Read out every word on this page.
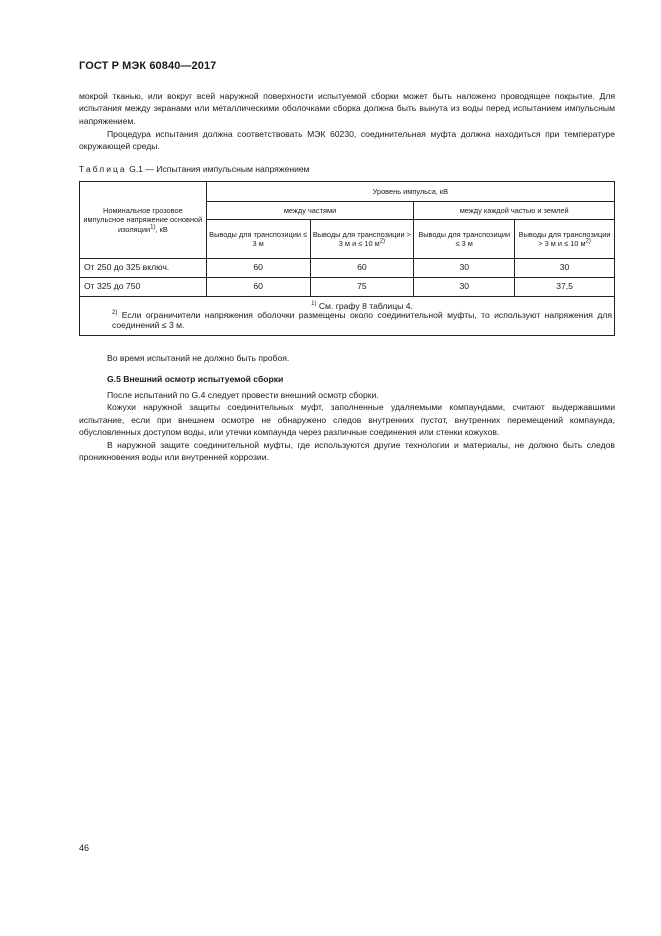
ГОСТ Р МЭК 60840—2017

мокрой тканью, или вокруг всей наружной поверхности испытуемой сборки может быть наложено проводящее покрытие. Для испытания между экранами или металлическими оболочками сборка должна быть вынута из воды перед испытанием импульсным напряжением.

Процедура испытания должна соответствовать МЭК 60230, соединительная муфта должна находиться при температуре окружающей среды.

Таблица G.1 — Испытания импульсным напряжением
Номинальное грозовое импульсное напряжение основной изоляции$^{1)}$, кВ	Уровень импульса, кВ			
	между частями		между каждой частью и землей	
	Выводы для транспозиции ≤ 3 м	Выводы для транспозиции > 3 м и ≤ 10 $м^{2)}$	Выводы для транспозиции ≤ 3 м	Выводы для транспозиции > 3 м и ≤ 10 $м^{2)}$
От 250 до 325 включ.	60	60	30	30
От 325 до 750	60	75	30	37,5

$^{1)}$ См. графу 8 таблицы 4.
$^{2)}$ Если ограничители напряжения оболочки размещены около соединительной муфты, то используют напряжения для соединений ≤ 3 м.				

Во время испытаний не должно быть пробоя.

G.5 Внешний осмотр испытуемой сборки

После испытаний по G.4 следует провести внешний осмотр сборки.

Кожухи наружной защиты соединительных муфт, заполненные удаляемыми компаундами, считают выдержавшими испытание, если при внешнем осмотре не обнаружено следов внутренних пустот, внутренних перемещений компаунда, обусловленных доступом воды, или утечки компаунда через различные соединения или стенки кожухов.

В наружной защите соединительной муфты, где используются другие технологии и материалы, не должно быть следов проникновения воды или внутренней коррозии.

46
